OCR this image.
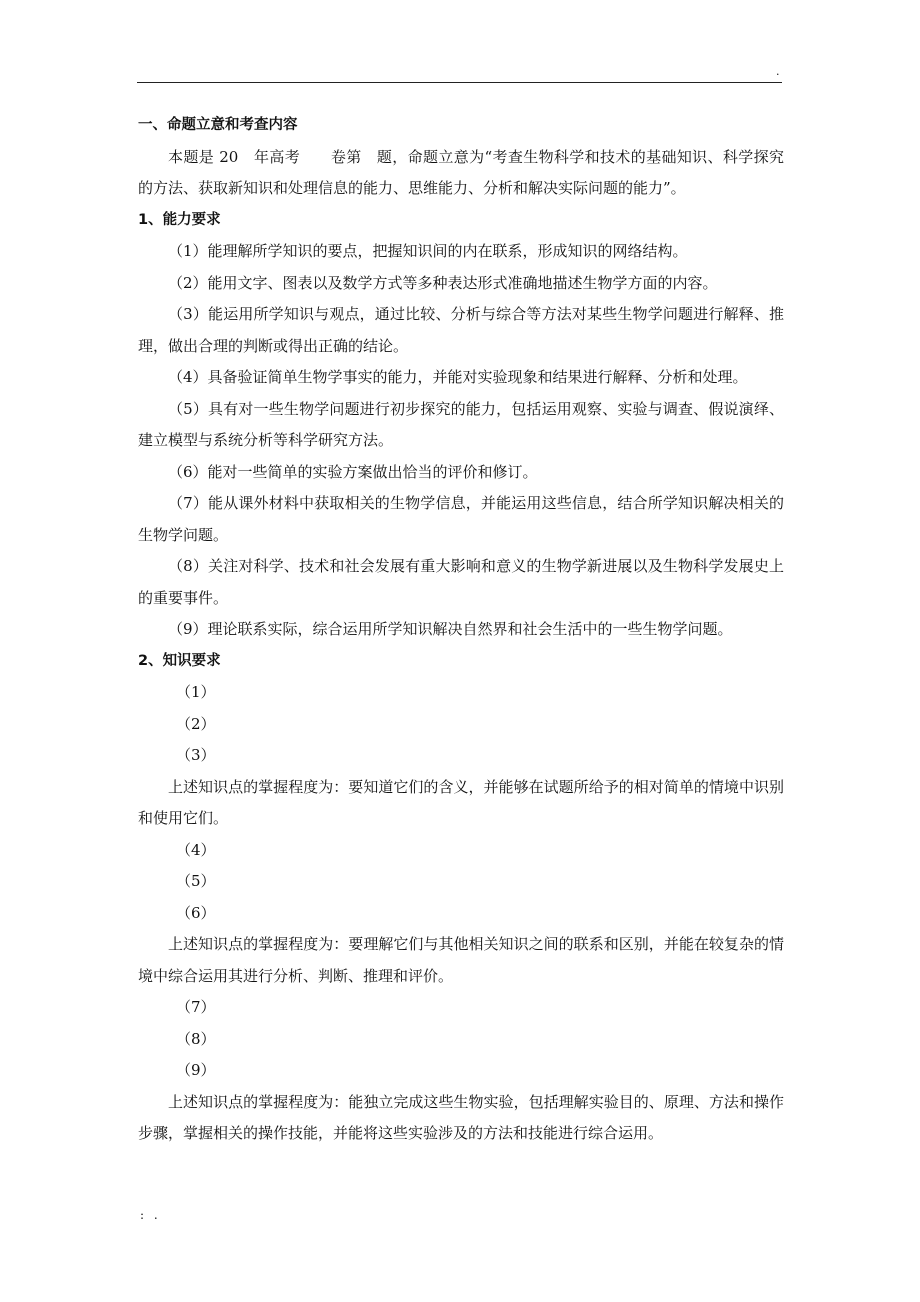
.

一、命题立意和考查内容

本题是 20　年高考　　卷第　题，命题立意为“考查生物科学和技术的基础知识、科学探究的方法、获取新知识和处理信息的能力、思维能力、分析和解决实际问题的能力”。

1、能力要求

（1）能理解所学知识的要点，把握知识间的内在联系，形成知识的网络结构。

（2）能用文字、图表以及数学方式等多种表达形式准确地描述生物学方面的内容。

（3）能运用所学知识与观点，通过比较、分析与综合等方法对某些生物学问题进行解释、推理，做出合理的判断或得出正确的结论。

（4）具备验证简单生物学事实的能力，并能对实验现象和结果进行解释、分析和处理。

（5）具有对一些生物学问题进行初步探究的能力，包括运用观察、实验与调查、假说演绎、建立模型与系统分析等科学研究方法。

（6）能对一些简单的实验方案做出恰当的评价和修订。

（7）能从课外材料中获取相关的生物学信息，并能运用这些信息，结合所学知识解决相关的生物学问题。

（8）关注对科学、技术和社会发展有重大影响和意义的生物学新进展以及生物科学发展史上的重要事件。

（9）理论联系实际，综合运用所学知识解决自然界和社会生活中的一些生物学问题。

2、知识要求

（1）

（2）

（3）

上述知识点的掌握程度为：要知道它们的含义，并能够在试题所给予的相对简单的情境中识别和使用它们。

（4）

（5）

（6）

上述知识点的掌握程度为：要理解它们与其他相关知识之间的联系和区别，并能在较复杂的情境中综合运用其进行分析、判断、推理和评价。

（7）

（8）

（9）

上述知识点的掌握程度为：能独立完成这些生物实验，包括理解实验目的、原理、方法和操作步骤，掌握相关的操作技能，并能将这些实验涉及的方法和技能进行综合运用。

: .
